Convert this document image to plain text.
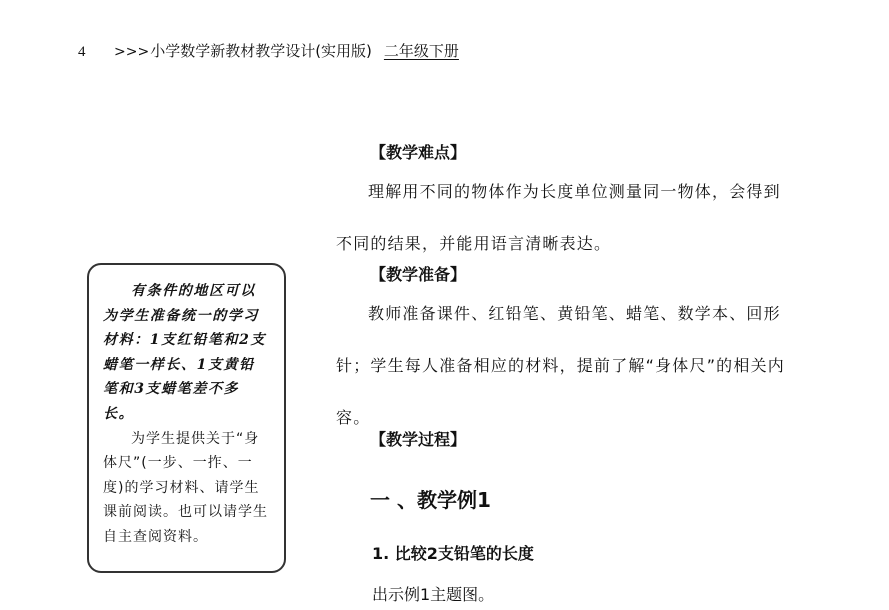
4	>>> 小学数学新教材教学设计(实用版) 二年级下册

有条件的地区可以为学生准备统一的学习材料：1支红铅笔和2支蜡笔一样长、1支黄铅笔和3支蜡笔差不多长。

为学生提供关于“身体尺”(一步、一拃、一度)的学习材料、请学生课前阅读。也可以请学生自主查阅资料。

【教学难点】

理解用不同的物体作为长度单位测量同一物体，会得到不同的结果，并能用语言清晰表达。

【教学准备】

教师准备课件、红铅笔、黄铅笔、蜡笔、数学本、回形针；学生每人准备相应的材料，提前了解“身体尺”的相关内容。

【教学过程】
一 、教学例1
1. 比较2支铅笔的长度
出示例1主题图。
